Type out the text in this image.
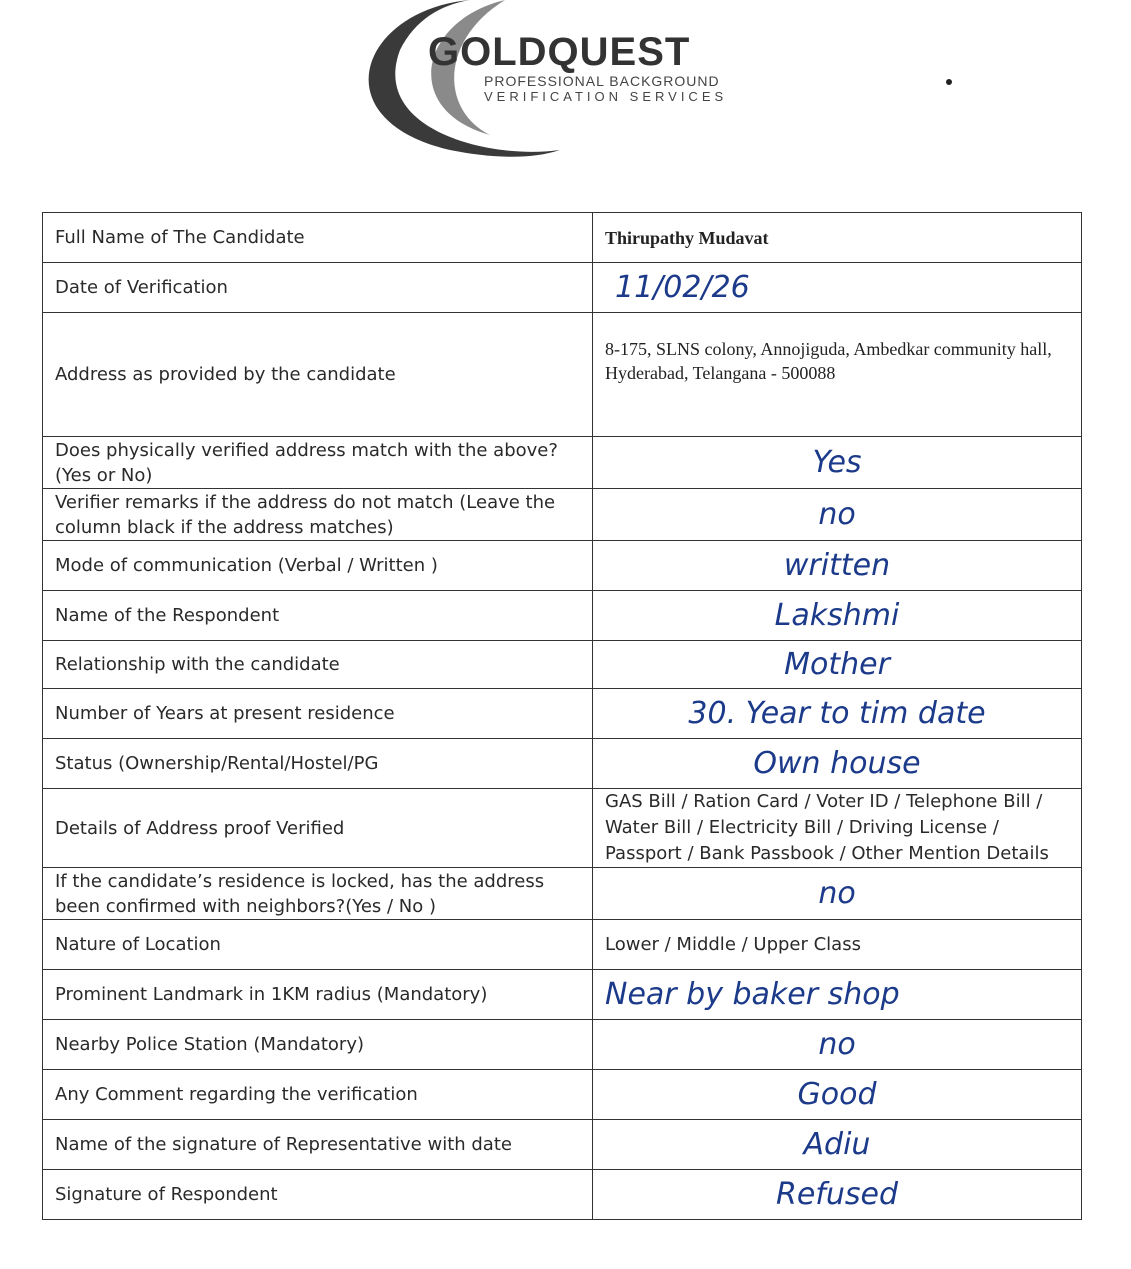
GOLDQUEST
PROFESSIONAL BACKGROUND
VERIFICATION SERVICES
Full Name of The Candidate	Thirupathy Mudavat
Date of Verification	11/02/26

Address as provided by the candidate	8-175, SLNS colony, Annojiguda, Ambedkar community hall, Hyderabad, Telangana - 500088
Does physically verified address match with the above? (Yes or No)	Yes

Verifier remarks if the address do not match (Leave the column black if the address matches)	no

Mode of communication (Verbal / Written )	written

Name of the Respondent	Lakshmi

Relationship with the candidate	Mother

Number of Years at present residence	30. Year to tim date

Status (Ownership/Rental/Hostel/PG	Own house

Details of Address proof Verified	GAS Bill / Ration Card / Voter ID / Telephone Bill / Water Bill / Electricity Bill / Driving License / Passport / Bank Passbook / Other Mention Details
If the candidate’s residence is locked, has the address been confirmed with neighbors?(Yes / No )	no

Nature of Location	Lower / Middle / Upper Class
Prominent Landmark in 1KM radius (Mandatory)	Near by baker shop

Nearby Police Station (Mandatory)	no

Any Comment regarding the verification	Good

Name of the signature of Representative with date	Adiu

Signature of Respondent	Refused
